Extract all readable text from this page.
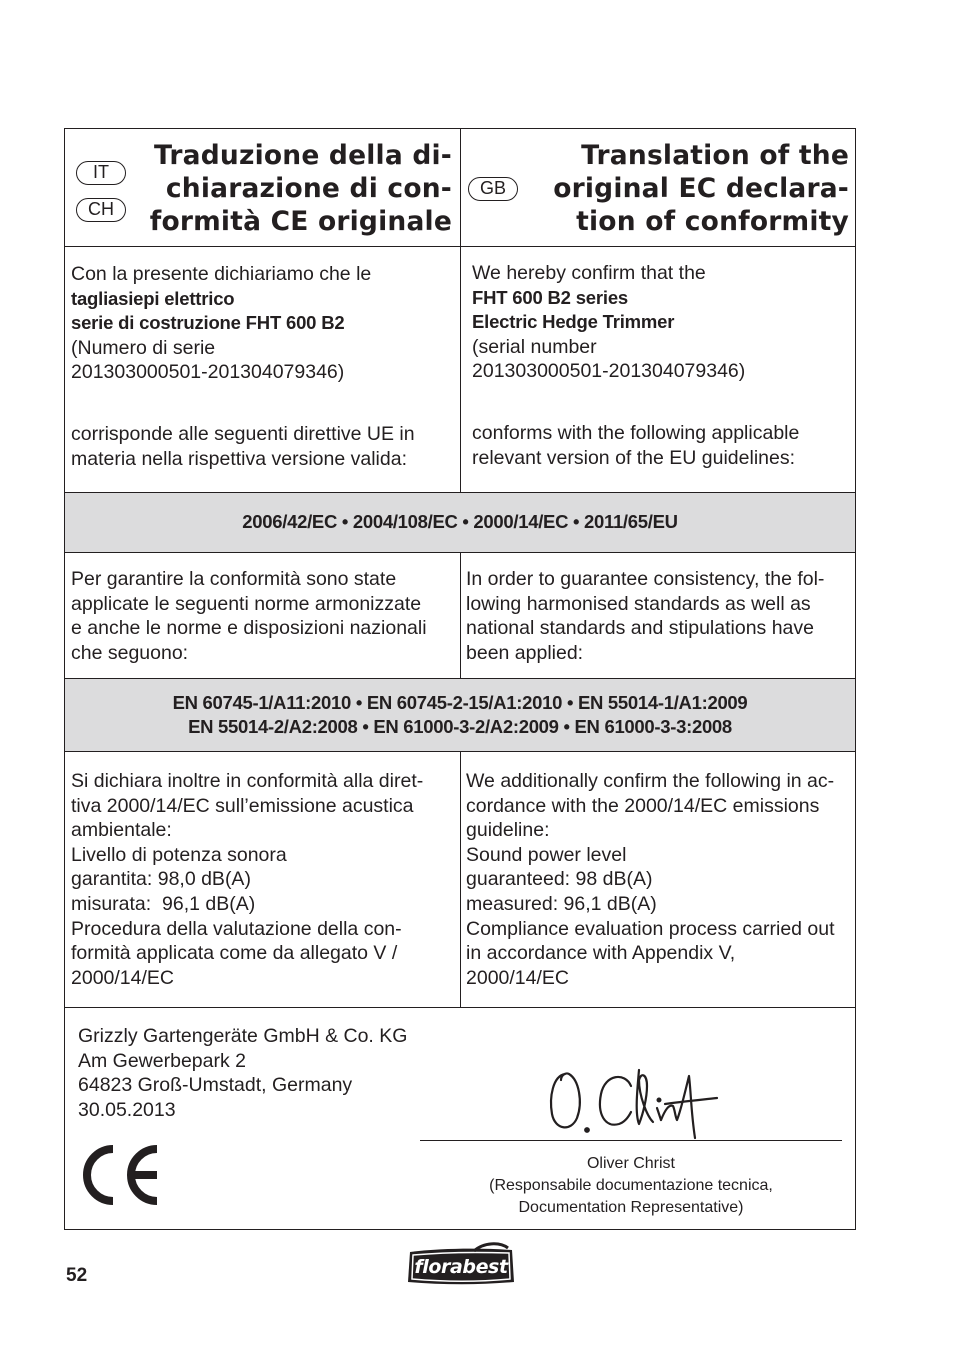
IT
CH
Traduzione della di-
chiarazione di con-
formità CE originale
GB
Translation of the
original EC declara-
tion of conformity
Con la presente dichiariamo che le
tagliasiepi elettrico
serie di costruzione FHT 600 B2
(Numero di serie
201303000501-201304079346)
corrisponde alle seguenti direttive UE in
materia nella rispettiva versione valida:
We hereby confirm that the
FHT 600 B2 series
Electric Hedge Trimmer
(serial number
201303000501-201304079346)
conforms with the following applicable
relevant version of the EU guidelines:
2006/42/EC • 2004/108/EC • 2000/14/EC • 2011/65/EU
Per garantire la conformità sono state
applicate le seguenti norme armonizzate
e anche le norme e disposizioni nazionali
che seguono:
In order to guarantee consistency, the fol-
lowing harmonised standards as well as
national standards and stipulations have
been applied:
EN 60745-1/A11:2010 • EN 60745-2-15/A1:2010 • EN 55014-1/A1:2009
EN 55014-2/A2:2008 • EN 61000-3-2/A2:2009 • EN 61000-3-3:2008
Si dichiara inoltre in conformità alla diret-
tiva 2000/14/EC sull’emissione acustica
ambientale:
Livello di potenza sonora
garantita: 98,0 dB(A)
misurata:  96,1 dB(A)
Procedura della valutazione della con-
formità applicata come da allegato V /
2000/14/EC
We additionally confirm the following in ac-
cordance with the 2000/14/EC emissions
guideline:
Sound power level
guaranteed: 98 dB(A)
measured: 96,1 dB(A)
Compliance evaluation process carried out
in accordance with Appendix V,
2000/14/EC
Grizzly Gartengeräte GmbH & Co. KG
Am Gewerbepark 2
64823 Groß-Umstadt, Germany
30.05.2013
Oliver Christ
(Responsabile documentazione tecnica,
Documentation Representative)
52	florabest
